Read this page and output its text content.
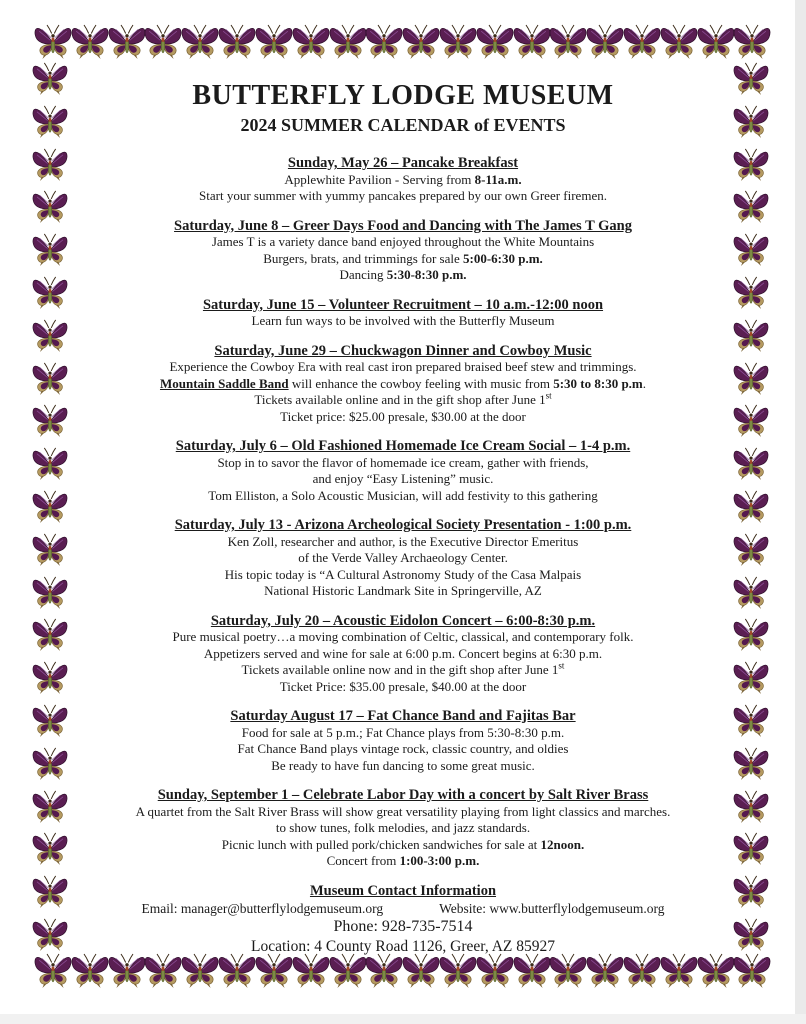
BUTTERFLY LODGE MUSEUM
2024 SUMMER CALENDAR of EVENTS
Sunday, May 26 – Pancake Breakfast
Applewhite Pavilion - Serving from 8-11a.m.
Start your summer with yummy pancakes prepared by our own Greer firemen.
Saturday, June 8 – Greer Days Food and Dancing with The James T Gang
James T is a variety dance band enjoyed throughout the White Mountains
Burgers, brats, and trimmings for sale 5:00-6:30 p.m.
Dancing 5:30-8:30 p.m.
Saturday, June 15 – Volunteer Recruitment – 10 a.m.-12:00 noon
Learn fun ways to be involved with the Butterfly Museum
Saturday, June 29 – Chuckwagon Dinner and Cowboy Music
Experience the Cowboy Era with real cast iron prepared braised beef stew and trimmings.
Mountain Saddle Band will enhance the cowboy feeling with music from 5:30 to 8:30 p.m.
Tickets available online and in the gift shop after June 1st
Ticket price: $25.00 presale, $30.00 at the door
Saturday, July 6 – Old Fashioned Homemade Ice Cream Social – 1-4 p.m.
Stop in to savor the flavor of homemade ice cream, gather with friends,
and enjoy “Easy Listening” music.
Tom Elliston, a Solo Acoustic Musician, will add festivity to this gathering
Saturday, July 13 - Arizona Archeological Society Presentation - 1:00 p.m.
Ken Zoll, researcher and author, is the Executive Director Emeritus
of the Verde Valley Archaeology Center.
His topic today is “A Cultural Astronomy Study of the Casa Malpais
National Historic Landmark Site in Springerville, AZ
Saturday, July 20 – Acoustic Eidolon Concert – 6:00-8:30 p.m.
Pure musical poetry…a moving combination of Celtic, classical, and contemporary folk.
Appetizers served and wine for sale at 6:00 p.m. Concert begins at 6:30 p.m.
Tickets available online now and in the gift shop after June 1st
Ticket Price: $35.00 presale, $40.00 at the door
Saturday August 17 – Fat Chance Band and Fajitas Bar
Food for sale at 5 p.m.; Fat Chance plays from 5:30-8:30 p.m.
Fat Chance Band plays vintage rock, classic country, and oldies
Be ready to have fun dancing to some great music.
Sunday, September 1 – Celebrate Labor Day with a concert by Salt River Brass
A quartet from the Salt River Brass will show great versatility playing from light classics and marches.
to show tunes, folk melodies, and jazz standards.
Picnic lunch with pulled pork/chicken sandwiches for sale at 12noon.
Concert from 1:00-3:00 p.m.
Museum Contact Information
Email: manager@butterflylodgemuseum.org	Website: www.butterflylodgemuseum.org
Phone: 928-735-7514
Location: 4 County Road 1126, Greer, AZ 85927
